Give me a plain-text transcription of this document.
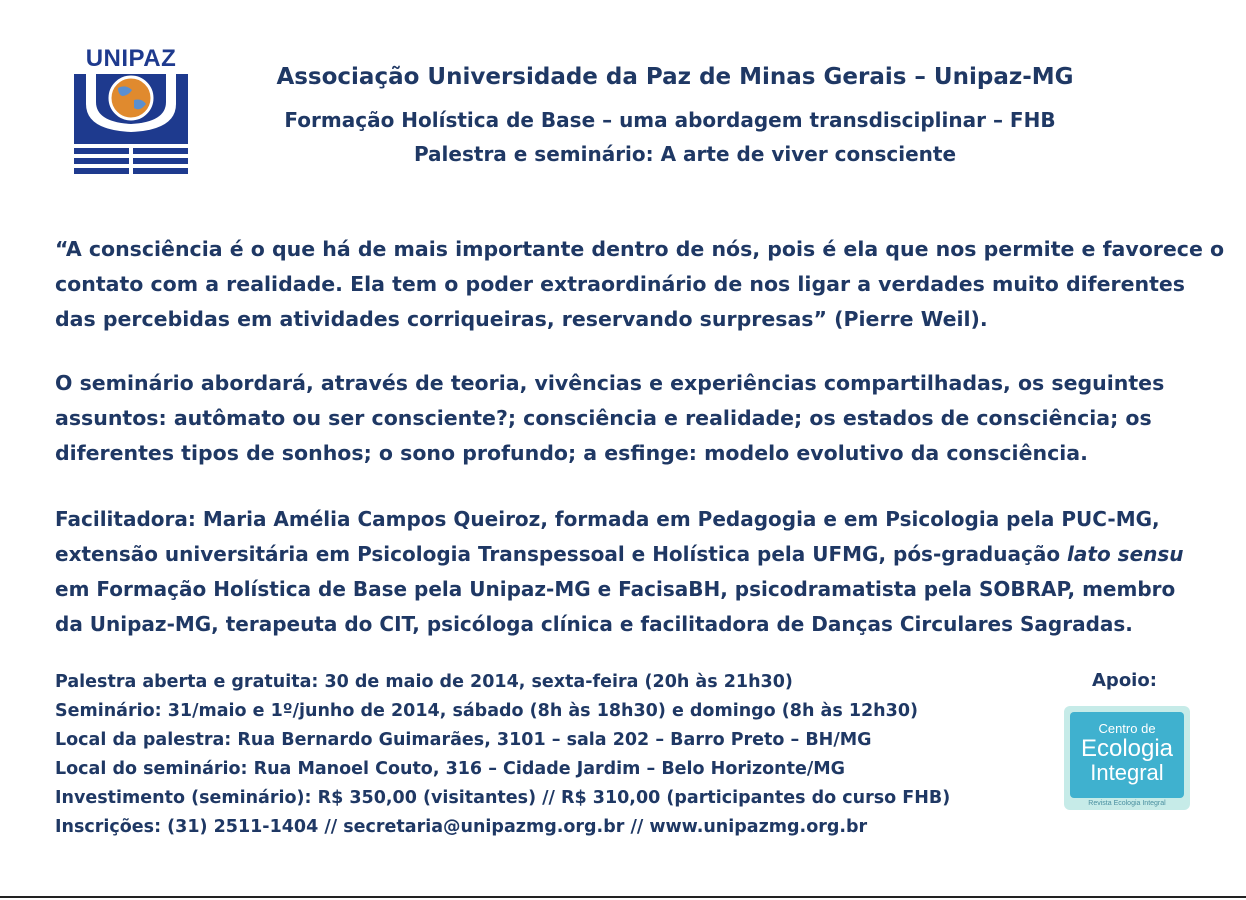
UNIPAZ
Associação Universidade da Paz de Minas Gerais – Unipaz-MG
Formação Holística de Base – uma abordagem transdisciplinar – FHB
Palestra e seminário: A arte de viver consciente
“A consciência é o que há de mais importante dentro de nós, pois é ela que nos permite e favorece o
contato com a realidade. Ela tem o poder extraordinário de nos ligar a verdades muito diferentes
das percebidas em atividades corriqueiras, reservando surpresas” (Pierre Weil).
O seminário abordará, através de teoria, vivências e experiências compartilhadas, os seguintes
assuntos: autômato ou ser consciente?; consciência e realidade; os estados de consciência; os
diferentes tipos de sonhos; o sono profundo; a esfinge: modelo evolutivo da consciência.
Facilitadora: Maria Amélia Campos Queiroz, formada em Pedagogia e em Psicologia pela PUC-MG,
extensão universitária em Psicologia Transpessoal e Holística pela UFMG, pós-graduação lato sensu
em Formação Holística de Base pela Unipaz-MG e FacisaBH, psicodramatista pela SOBRAP, membro
da Unipaz-MG, terapeuta do CIT, psicóloga clínica e facilitadora de Danças Circulares Sagradas.
Palestra aberta e gratuita: 30 de maio de 2014, sexta-feira (20h às 21h30)
Seminário: 31/maio e 1º/junho de 2014, sábado (8h às 18h30) e domingo (8h às 12h30)
Local da palestra: Rua Bernardo Guimarães, 3101 – sala 202 – Barro Preto – BH/MG
Local do seminário: Rua Manoel Couto, 316 – Cidade Jardim – Belo Horizonte/MG
Investimento (seminário): R$ 350,00 (visitantes) // R$ 310,00 (participantes do curso FHB)
Inscrições: (31) 2511-1404 // secretaria@unipazmg.org.br // www.unipazmg.org.br
Apoio:
Centro de
Ecologia
Integral
Revista Ecologia Integral
